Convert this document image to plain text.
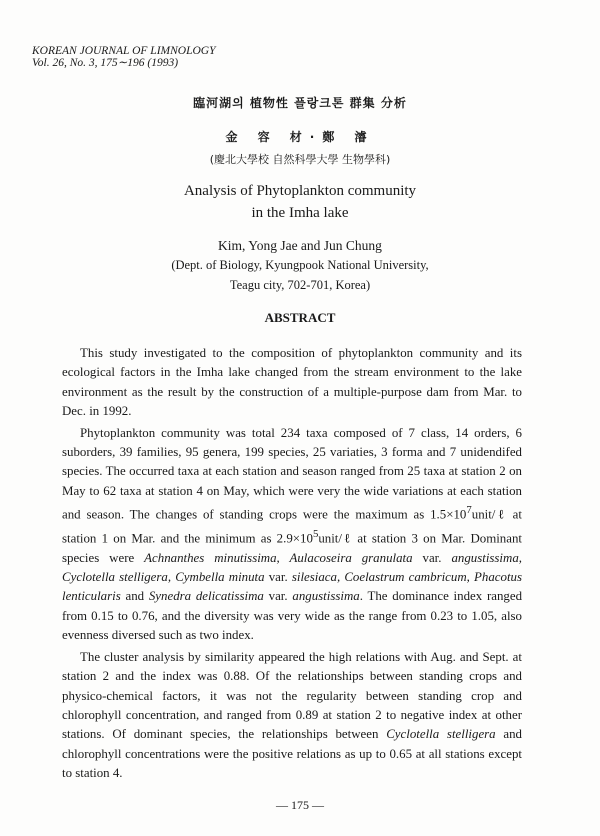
KOREAN JOURNAL OF LIMNOLOGY
Vol. 26, No. 3, 175∼196 (1993)
臨河湖의 植物性 플랑크톤 群集 分析
金 容 材·鄭 濬
(慶北大學校 自然科學大學 生物學科)
Analysis of Phytoplankton community
in the Imha lake
Kim, Yong Jae and Jun Chung
(Dept. of Biology, Kyungpook National University,
Teagu city, 702-701, Korea)
ABSTRACT

This study investigated to the composition of phytoplankton community and its ecological factors in the Imha lake changed from the stream environment to the lake environment as the result by the construction of a multiple-purpose dam from Mar. to Dec. in 1992.

Phytoplankton community was total 234 taxa composed of 7 class, 14 orders, 6 suborders, 39 families, 95 genera, 199 species, 25 variaties, 3 forma and 7 unidendifed species. The occurred taxa at each station and season ranged from 25 taxa at station 2 on May to 62 taxa at station 4 on May, which were very the wide variations at each station and season. The changes of standing crops were the maximum as $1.5\times 10^7unit/\ell$ at station 1 on Mar. and the minimum as $2.9\times 10^5unit/\ell$ at station 3 on Mar. Dominant species were Achnanthes minutissima, Aulacoseira granulata var. angustissima, Cyclotella stelligera, Cymbella minuta var. silesiaca, Coelastrum cambricum, Phacotus lenticularis and Synedra delicatissima var. angustissima. The dominance index ranged from 0.15 to 0.76, and the diversity was very wide as the range from 0.23 to 1.05, also evenness diversed such as two index.

The cluster analysis by similarity appeared the high relations with Aug. and Sept. at station 2 and the index was 0.88. Of the relationships between standing crops and physico-chemical factors, it was not the regularity between standing crop and chlorophyll concentration, and ranged from 0.89 at station 2 to negative index at other stations. Of dominant species, the relationships between Cyclotella stelligera and chlorophyll concentrations were the positive relations as up to 0.65 at all stations except to station 4.

— 175 —
